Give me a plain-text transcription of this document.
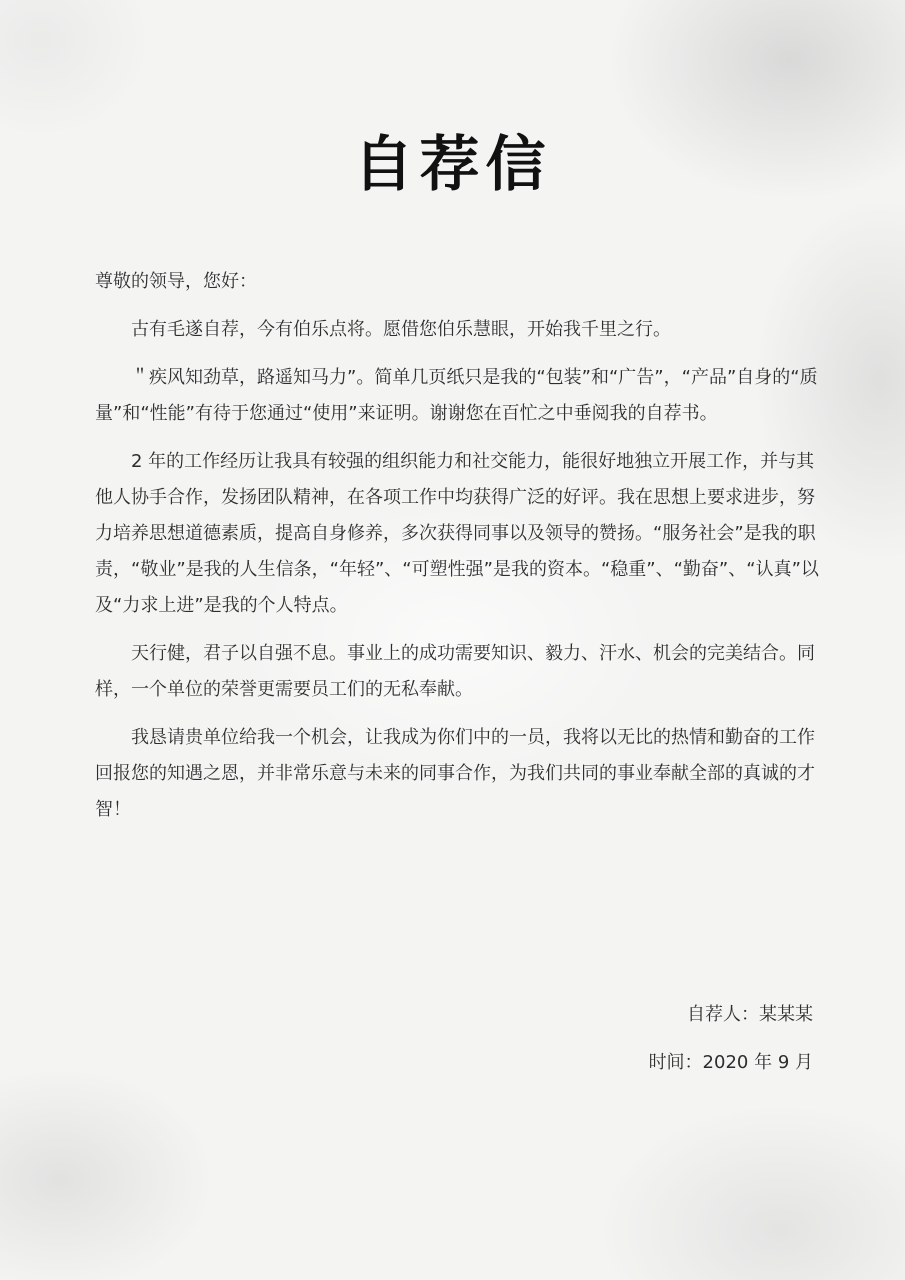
自荐信

尊敬的领导，您好：

古有毛遂自荐，今有伯乐点将。愿借您伯乐慧眼，开始我千里之行。

＂疾风知劲草，路遥知马力”。简单几页纸只是我的“包装”和“广告”，“产品”自身的“质量”和“性能”有待于您通过“使用”来证明。谢谢您在百忙之中垂阅我的自荐书。

2 年的工作经历让我具有较强的组织能力和社交能力，能很好地独立开展工作，并与其他人协手合作，发扬团队精神，在各项工作中均获得广泛的好评。我在思想上要求进步，努力培养思想道德素质，提高自身修养，多次获得同事以及领导的赞扬。“服务社会”是我的职责，“敬业”是我的人生信条，“年轻”、“可塑性强”是我的资本。“稳重”、“勤奋”、“认真”以及“力求上进”是我的个人特点。

天行健，君子以自强不息。事业上的成功需要知识、毅力、汗水、机会的完美结合。同样，一个单位的荣誉更需要员工们的无私奉献。

我恳请贵单位给我一个机会，让我成为你们中的一员，我将以无比的热情和勤奋的工作回报您的知遇之恩，并非常乐意与未来的同事合作，为我们共同的事业奉献全部的真诚的才智！

自荐人：某某某
时间：2020 年 9 月
